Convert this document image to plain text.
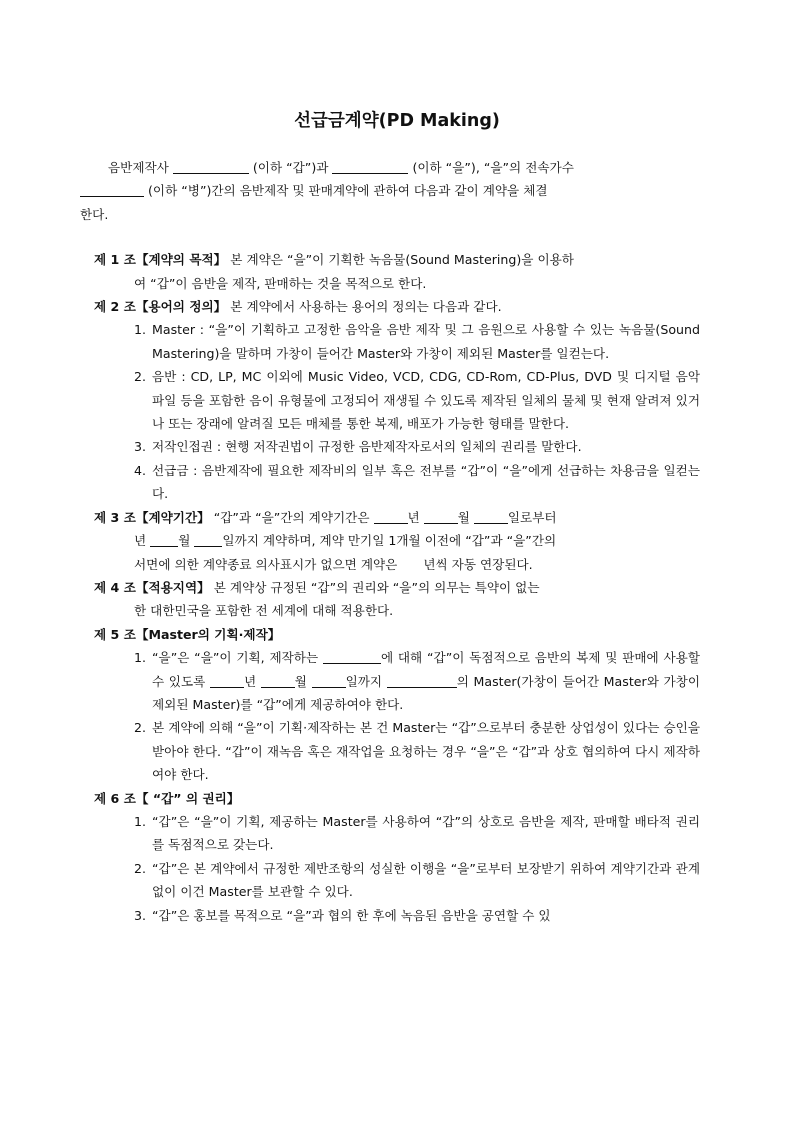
선급금계약(PD Making)
음반제작사	(이하 “갑”)과	(이하 “을”), “을”의 전속가수
(이하 “병”)간의 음반제작 및 판매계약에 관하여 다음과 같이 계약을 체결
한다.
제 1 조【계약의 목적】 본 계약은 “을”이 기획한 녹음물(Sound Mastering)을 이용하
여 “갑”이 음반을 제작, 판매하는 것을 목적으로 한다.
제 2 조【용어의 정의】 본 계약에서 사용하는 용어의 정의는 다음과 같다.
1. Master : “을”이 기획하고 고정한 음악을 음반 제작 및 그 음원으로 사용할 수 있는 녹음물(Sound Mastering)을 말하며 가창이 들어간 Master와 가창이 제외된 Master를 일컫는다.
2. 음반 : CD, LP, MC 이외에 Music Video, VCD, CDG, CD-Rom, CD-Plus, DVD 및 디지털 음악 파일 등을 포함한 음이 유형물에 고정되어 재생될 수 있도록 제작된 일체의 물체 및 현재 알려져 있거나 또는 장래에 알려질 모든 매체를 통한 복제, 배포가 가능한 형태를 말한다.
3. 저작인접권 : 현행 저작권법이 규정한 음반제작자로서의 일체의 권리를 말한다.
4. 선급금 : 음반제작에 필요한 제작비의 일부 혹은 전부를 “갑”이 “을”에게 선급하는 차용금을 일컫는다.
제 3 조【계약기간】 “갑”과 “을”간의 계약기간은	년	월	일로부터
년	월	일까지 계약하며, 계약 만기일 1개월 이전에 “갑”과 “을”간의
서면에 의한 계약종료 의사표시가 없으면 계약은 년씩 자동 연장된다.
제 4 조【적용지역】 본 계약상 규정된 “갑”의 권리와 “을”의 의무는 특약이 없는
한 대한민국을 포함한 전 세계에 대해 적용한다.
제 5 조【Master의 기획·제작】
1. “을”은 “을”이 기획, 제작하는	에 대해 “갑”이 독점적으로 음반의 복제 및 판매에 사용할 수 있도록	년	월	일까지	의 Master(가창이 들어간 Master와 가창이 제외된 Master)를 “갑”에게 제공하여야 한다.
2. 본 계약에 의해 “을”이 기획·제작하는 본 건 Master는 “갑”으로부터 충분한 상업성이 있다는 승인을 받아야 한다. “갑”이 재녹음 혹은 재작업을 요청하는 경우 “을”은 “갑”과 상호 협의하여 다시 제작하여야 한다.
제 6 조【 “갑” 의 권리】
1. “갑”은 “을”이 기획, 제공하는 Master를 사용하여 “갑”의 상호로 음반을 제작, 판매할 배타적 권리를 독점적으로 갖는다.
2. “갑”은 본 계약에서 규정한 제반조항의 성실한 이행을 “을”로부터 보장받기 위하여 계약기간과 관계없이 이건 Master를 보관할 수 있다.
3. “갑”은 홍보를 목적으로 “을”과 협의 한 후에 녹음된 음반을 공연할 수 있
